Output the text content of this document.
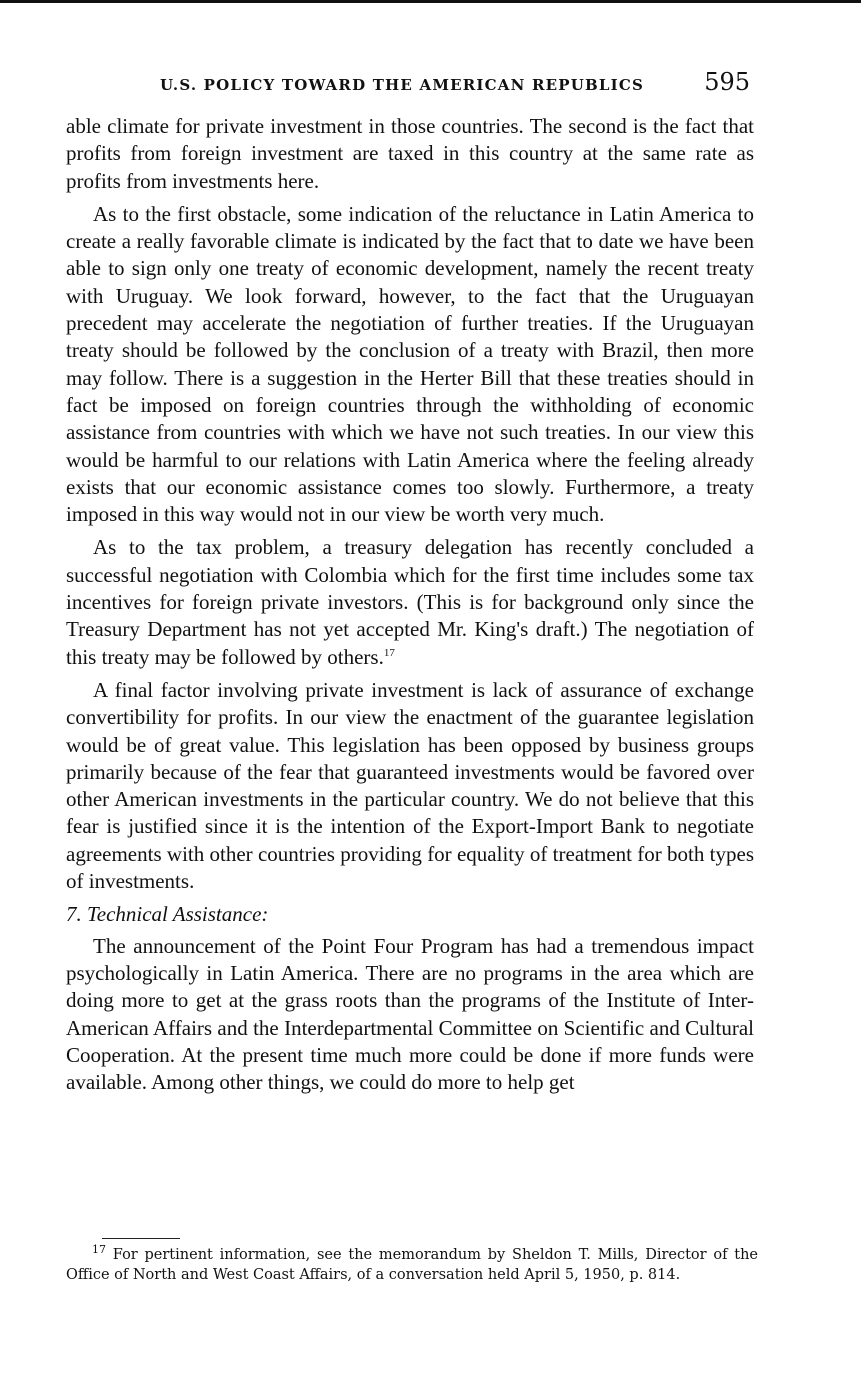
U.S. POLICY TOWARD THE AMERICAN REPUBLICS	595

able climate for private investment in those countries. The second is the fact that profits from foreign investment are taxed in this country at the same rate as profits from investments here.

As to the first obstacle, some indication of the reluctance in Latin America to create a really favorable climate is indicated by the fact that to date we have been able to sign only one treaty of economic development, namely the recent treaty with Uruguay. We look forward, however, to the fact that the Uruguayan precedent may accelerate the negotiation of further treaties. If the Uruguayan treaty should be followed by the conclusion of a treaty with Brazil, then more may follow. There is a suggestion in the Herter Bill that these treaties should in fact be imposed on foreign countries through the withholding of economic assistance from countries with which we have not such treaties. In our view this would be harmful to our relations with Latin America where the feeling already exists that our economic assistance comes too slowly. Furthermore, a treaty imposed in this way would not in our view be worth very much.

As to the tax problem, a treasury delegation has recently concluded a successful negotiation with Colombia which for the first time includes some tax incentives for foreign private investors. (This is for background only since the Treasury Department has not yet accepted Mr. King's draft.) The negotiation of this treaty may be followed by others.$^{17}$

A final factor involving private investment is lack of assurance of exchange convertibility for profits. In our view the enactment of the guarantee legislation would be of great value. This legislation has been opposed by business groups primarily because of the fear that guaranteed investments would be favored over other American investments in the particular country. We do not believe that this fear is justified since it is the intention of the Export-Import Bank to negotiate agreements with other countries providing for equality of treatment for both types of investments.

7. Technical Assistance:

The announcement of the Point Four Program has had a tremendous impact psychologically in Latin America. There are no programs in the area which are doing more to get at the grass roots than the programs of the Institute of Inter-American Affairs and the Interdepartmental Committee on Scientific and Cultural Cooperation. At the present time much more could be done if more funds were available. Among other things, we could do more to help get

$^{17}$ For pertinent information, see the memorandum by Sheldon T. Mills, Director of the Office of North and West Coast Affairs, of a conversation held April 5, 1950, p. 814.
